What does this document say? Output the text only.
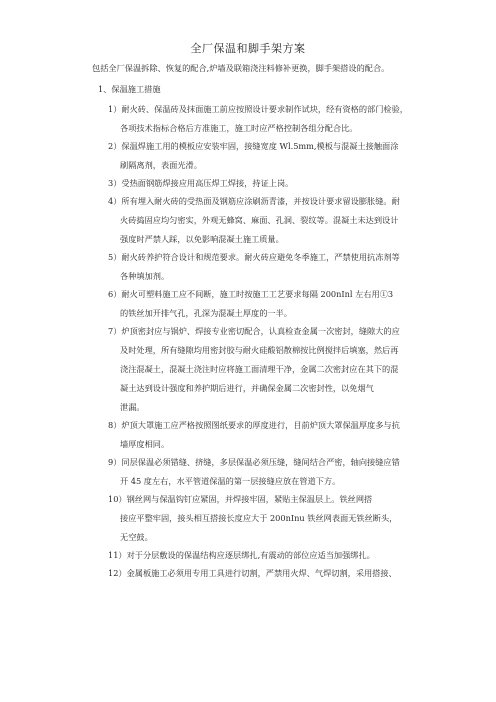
全厂保温和脚手架方案
包括全厂保温拆除、恢复的配合,炉墙及联箱浇注料修补更换，脚手架搭设的配合。
1、保温施工措施
1）耐火砖、保温砖及抹面施工前应按照设计要求制作试块，经有资格的部门检验，
各项技术指标合格后方准施工，施工时应严格控制各组分配合比。
2）保温焊施工用的模板应安装牢固，接缝宽度 Wl.5mm,模板与混凝土接触面涂
刷隔离剂，表面光滑。
3）受热面钢筋焊接应用高压焊工焊接，持证上岗。
4）所有埋入耐火砖的受热面及钢筋应涂刷沥青漆，并按设计要求留设膨胀缝。耐
火砖捣固应均匀密实，外观无蜂窝、麻面、孔洞、裂纹等。混凝土未达到设计
强度时严禁人踩，以免影响混凝土施工质量。
5）耐火砖养护符合设计和规范要求。耐火砖应避免冬季施工，严禁使用抗冻剂等
各种填加剂。
6）耐火可塑料施工应不间断，施工时按施工工艺要求每隔 200nInl 左右用①3
的铁丝加开排气孔，孔深为混凝土厚度的一半。
7）炉顶密封应与锅炉、焊接专业密切配合，认真检查金属一次密封，缝隙大的应
及时处理，所有缝隙均用密封胶与耐火硅酸铝散棉按比例搅拌后填塞，然后再
浇注混凝土，混凝土浇注时应将施工面清理干净，金属二次密封应在其下的混
凝土达到设计强度和养护期后进行，并确保金属二次密封性，以免烟气
泄漏。
8）炉顶大罩施工应严格按照图纸要求的厚度进行，目前炉顶大罩保温厚度多与抗
墙厚度相同。
9）同层保温必须错缝、挤缝，多层保温必须压缝，缝间结合严密，轴向接缝应错
开 45 度左右，水平管道保温的第一层接缝应放在管道下方。
10）钢丝网与保温钩钉应紧固，并焊接牢固，紧贴主保温层上。铁丝网搭
接应平整牢固，接头相互搭接长度应大于 200nInu 铁丝网表面无铁丝断头，
无空鼓。
11）对于分层敷设的保温结构应逐层绑扎,有震动的部位应适当加强绑扎。
12）金属板施工必须用专用工具进行切割，严禁用火焊、气焊切割，采用搭接、
